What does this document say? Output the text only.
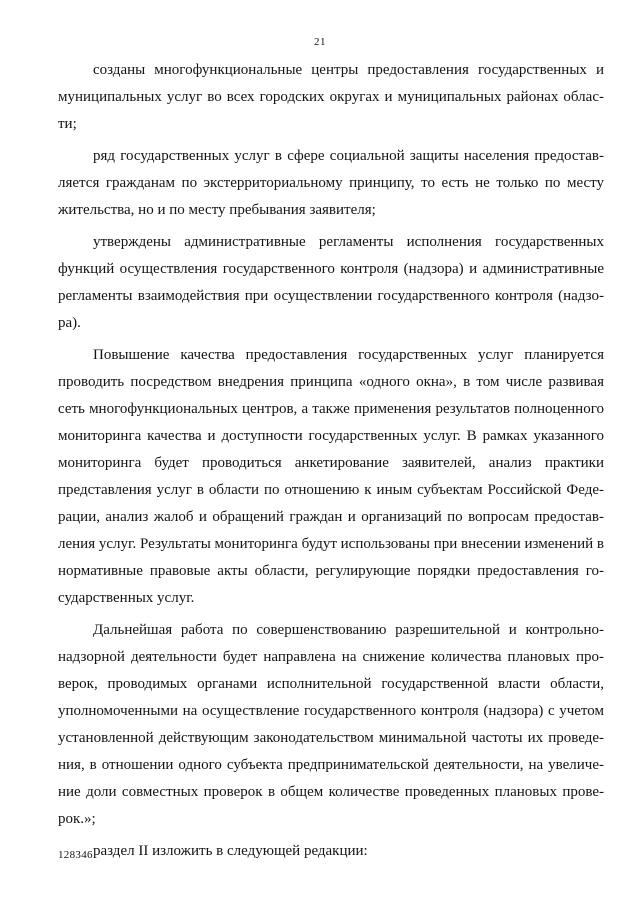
21

созданы многофункциональные центры предоставления государственных и муниципальных услуг во всех городских округах и муниципальных районах области;

ряд государственных услуг в сфере социальной защиты населения предоставляется гражданам по экстерриториальному принципу, то есть не только по месту жительства, но и по месту пребывания заявителя;

утверждены административные регламенты исполнения государственных функций осуществления государственного контроля (надзора) и административные регламенты взаимодействия при осуществлении государственного контроля (надзора).

Повышение качества предоставления государственных услуг планируется проводить посредством внедрения принципа «одного окна», в том числе развивая сеть многофункциональных центров, а также применения результатов полноценного мониторинга качества и доступности государственных услуг. В рамках указанного мониторинга будет проводиться анкетирование заявителей, анализ практики представления услуг в области по отношению к иным субъектам Российской Федерации, анализ жалоб и обращений граждан и организаций по вопросам предоставления услуг. Результаты мониторинга будут использованы при внесении изменений в нормативные правовые акты области, регулирующие порядки предоставления государственных услуг.

Дальнейшая работа по совершенствованию разрешительной и контрольно-надзорной деятельности будет направлена на снижение количества плановых проверок, проводимых органами исполнительной государственной власти области, уполномоченными на осуществление государственного контроля (надзора) с учетом установленной действующим законодательством минимальной частоты их проведения, в отношении одного субъекта предпринимательской деятельности, на увеличение доли совместных проверок в общем количестве проведенных плановых проверок.»;

раздел II изложить в следующей редакции:

128346
